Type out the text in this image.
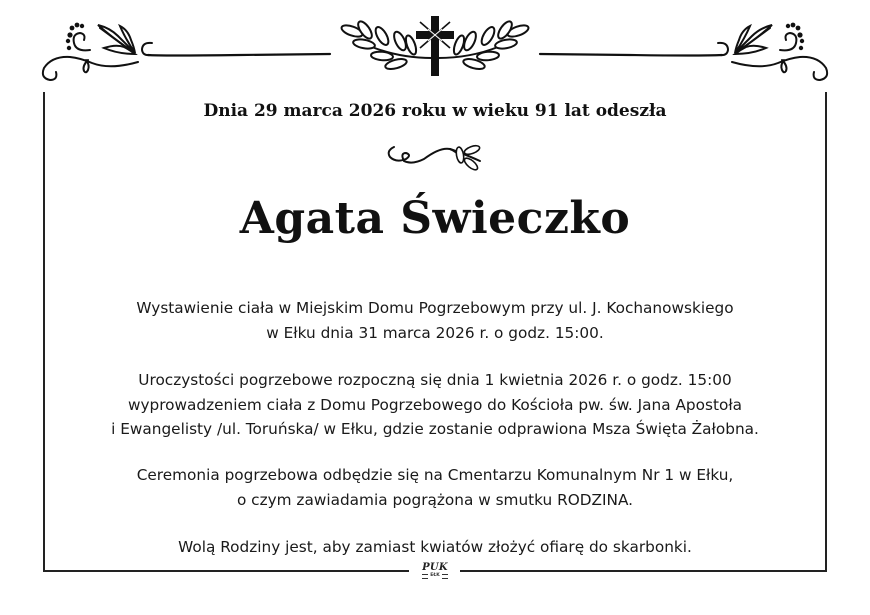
Dnia 29 marca 2026 roku w wieku 91 lat odeszła
Agata Świeczko
Wystawienie ciała w Miejskim Domu Pogrzebowym przy ul. J. Kochanowskiego
w Ełku dnia 31 marca 2026 r. o godz. 15:00.
Uroczystości pogrzebowe rozpoczną się dnia 1 kwietnia 2026 r. o godz. 15:00
wyprowadzeniem ciała z Domu Pogrzebowego do Kościoła pw. św. Jana Apostoła
i Ewangelisty /ul. Toruńska/ w Ełku, gdzie zostanie odprawiona Msza Święta Żałobna.
Ceremonia pogrzebowa odbędzie się na Cmentarzu Komunalnym Nr 1 w Ełku,
o czym zawiadamia pogrążona w smutku RODZINA.
Wolą Rodziny jest, aby zamiast kwiatów złożyć ofiarę do skarbonki.
PUK
EŁK
